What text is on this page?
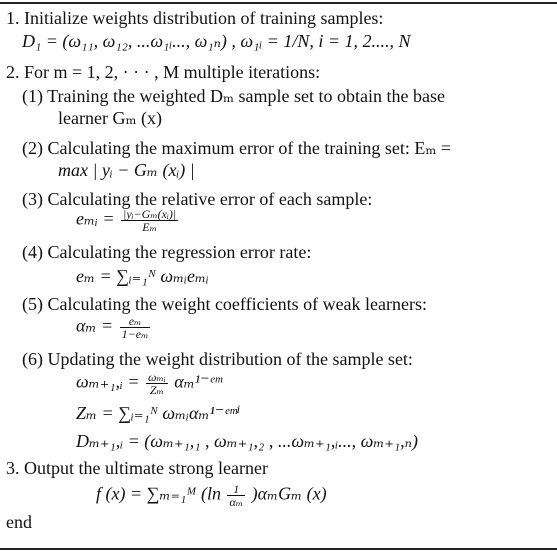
1. Initialize weights distribution of training samples:
D₁ = (ω₁₁, ω₁₂, ...ω₁ᵢ..., ω₁ₙ) , ω₁ᵢ = 1/N, i = 1, 2...., N
2. For m = 1, 2, · · · , M multiple iterations:
(1) Training the weighted Dₘ sample set to obtain the base
learner Gₘ (x)
(2) Calculating the maximum error of the training set: Eₘ =
max | yᵢ − Gₘ (xᵢ) |
(3) Calculating the relative error of each sample:
eₘᵢ = $\frac{\text{|yᵢ−Gₘ(xᵢ)|}}{\text{Eₘ}}$
(4) Calculating the regression error rate:
eₘ = ∑ᵢ₌₁ᴺ ωₘᵢeₘᵢ
(5) Calculating the weight coefficients of weak learners:
$\alpha_m = \frac{\text{eₘ}}{\text{1−eₘ}}$
(6) Updating the weight distribution of the sample set:
ωₘ₊₁,ᵢ = $\frac{\text{ωₘᵢ}}{\text{Zₘ}}$ αₘ¹⁻ᵉᵐ
Zₘ = ∑ᵢ₌₁ᴺ ωₘᵢαₘ¹⁻ᵉᵐⁱ
Dₘ₊₁,ᵢ = (ωₘ₊₁,₁ , ωₘ₊₁,₂ , ...ωₘ₊₁,ᵢ..., ωₘ₊₁,ₙ)
3. Output the ultimate strong learner
f (x) = ∑ₘ₌₁ᴹ $(\ln \frac{1}{\text{αₘ}} )\alpha_mG_m$ (x)
end
